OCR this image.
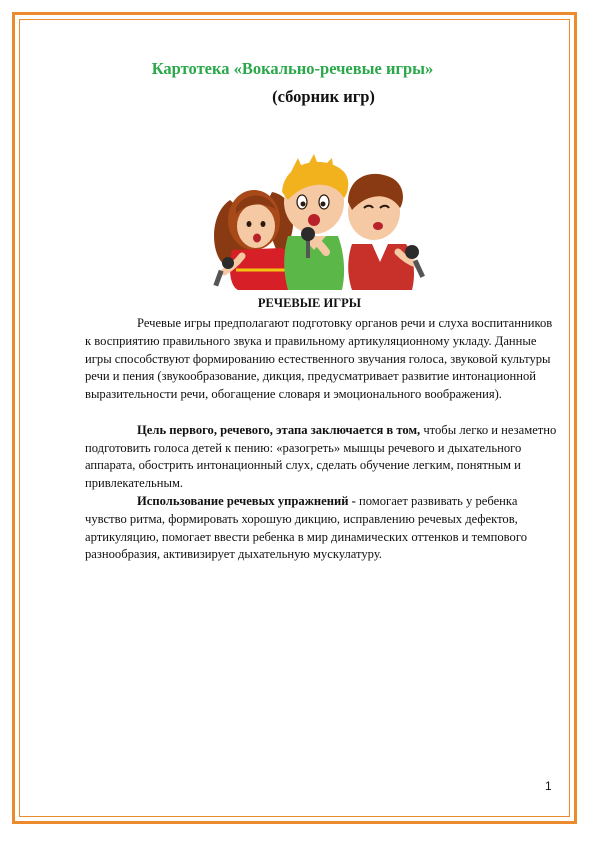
Картотека «Вокально-речевые игры»
(сборник игр)
РЕЧЕВЫЕ ИГРЫ

Речевые игры предполагают подготовку органов речи и слуха воспитанников к восприятию правильного звука и правильному артикуляционному укладу. Данные игры способствуют формированию естественного звучания голоса, звуковой культуры речи и пения (звукообразование, дикция, предусматривает развитие интонационной выразительности речи, обогащение словаря и эмоционального воображения).

Цель первого, речевого, этапа заключается в том, чтобы легко и незаметно подготовить голоса детей к пению: «разогреть» мышцы речевого и дыхательного аппарата, обострить интонационный слух, сделать обучение легким, понятным и привлекательным.

Использование речевых упражнений - помогает развивать у ребенка чувство ритма, формировать хорошую дикцию, исправлению речевых дефектов, артикуляцию, помогает ввести ребенка в мир динамических оттенков и темпового разнообразия, активизирует дыхательную мускулатуру.

1
